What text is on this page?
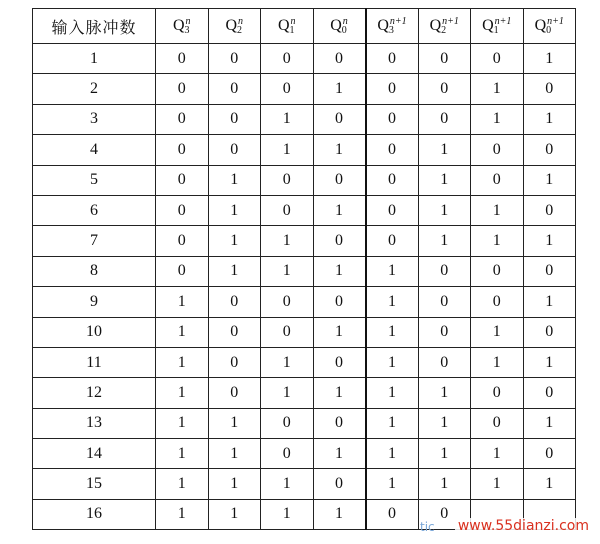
输入脉冲数	Q3$^n$	Q2$^n$	Q1$^n$	Q0$^n$	$Q3^{n+1}$	$Q2^{n+1}$	$Q1^{n+1}$	$Q0^{n+1}$
1	0	0	0	0	0	0	0	1
2	0	0	0	1	0	0	1	0
3	0	0	1	0	0	0	1	1
4	0	0	1	1	0	1	0	0
5	0	1	0	0	0	1	0	1
6	0	1	0	1	0	1	1	0
7	0	1	1	0	0	1	1	1
8	0	1	1	1	1	0	0	0
9	1	0	0	0	1	0	0	1
10	1	0	0	1	1	0	1	0
11	1	0	1	0	1	0	1	1
12	1	0	1	1	1	1	0	0
13	1	1	0	0	1	1	0	1
14	1	1	0	1	1	1	1	0
15	1	1	1	0	1	1	1	1
16	1	1	1	1	0	0		
tic www.55dianzi.com
